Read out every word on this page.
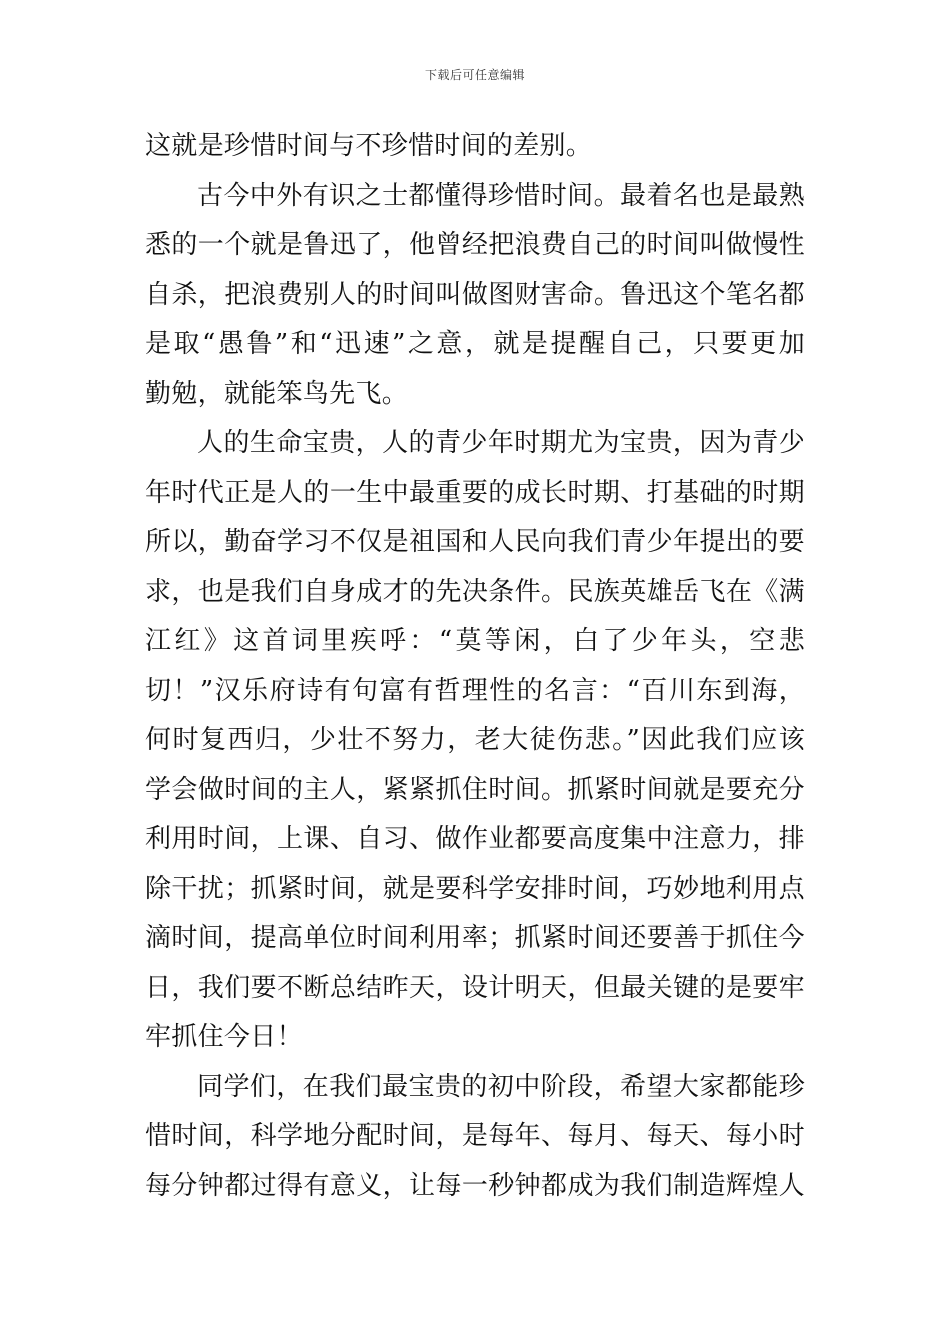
下载后可任意编辑
这就是珍惜时间与不珍惜时间的差别。
古今中外有识之士都懂得珍惜时间。最着名也是最熟
悉的一个就是鲁迅了，他曾经把浪费自己的时间叫做慢性
自杀，把浪费别人的时间叫做图财害命。鲁迅这个笔名都
是取“愚鲁”和“迅速”之意，就是提醒自己，只要更加
勤勉，就能笨鸟先飞。
人的生命宝贵，人的青少年时期尤为宝贵，因为青少
年时代正是人的一生中最重要的成长时期、打基础的时期
所以，勤奋学习不仅是祖国和人民向我们青少年提出的要
求，也是我们自身成才的先决条件。民族英雄岳飞在《满
江红》这首词里疾呼：“莫等闲，白了少年头，空悲
切！”汉乐府诗有句富有哲理性的名言：“百川东到海，
何时复西归，少壮不努力，老大徒伤悲。”因此我们应该
学会做时间的主人，紧紧抓住时间。抓紧时间就是要充分
利用时间，上课、自习、做作业都要高度集中注意力，排
除干扰；抓紧时间，就是要科学安排时间，巧妙地利用点
滴时间，提高单位时间利用率；抓紧时间还要善于抓住今
日，我们要不断总结昨天，设计明天，但最关键的是要牢
牢抓住今日！
同学们，在我们最宝贵的初中阶段，希望大家都能珍
惜时间，科学地分配时间，是每年、每月、每天、每小时
每分钟都过得有意义，让每一秒钟都成为我们制造辉煌人
